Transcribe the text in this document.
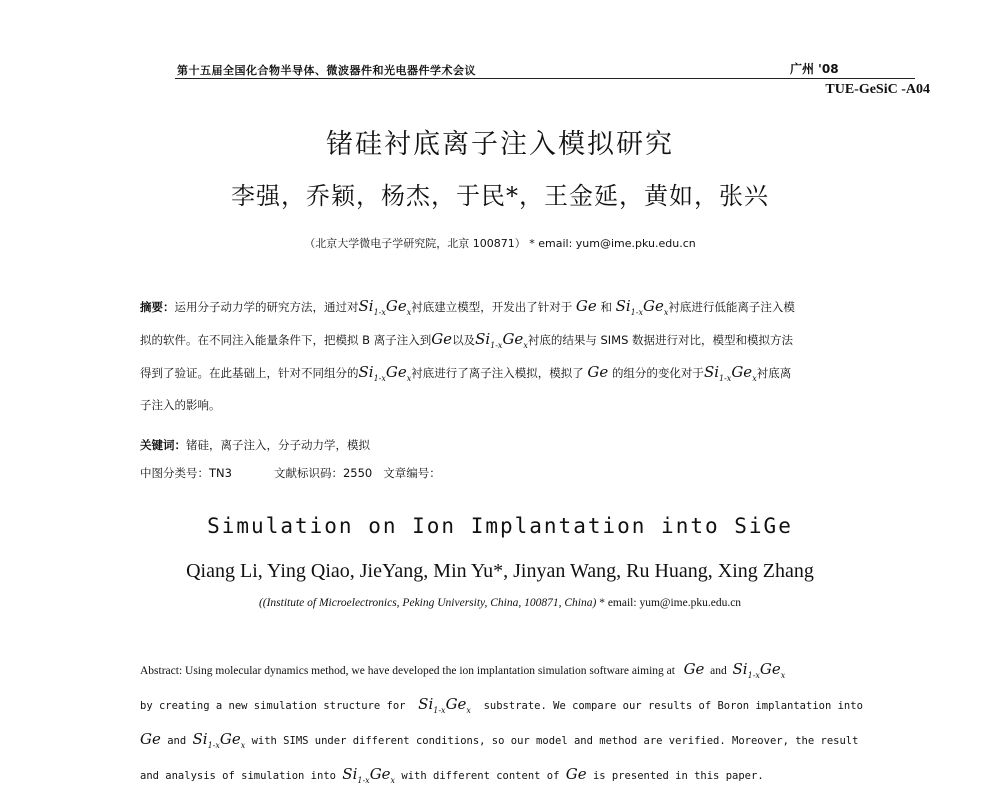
第十五届全国化合物半导体、微波器件和光电器件学术会议	广州 '08
TUE-GeSiC -A04
锗硅衬底离子注入模拟研究
李强，乔颖，杨杰，于民*，王金延，黄如，张兴
（北京大学微电子学研究院，北京 100871） * email: yum@ime.pku.edu.cn
摘要：运用分子动力学的研究方法，通过对$Si_{1-x}Ge_x$衬底建立模型，开发出了针对于 Ge 和 $Si_{1-x}Ge_x$衬底进行低能离子注入模
拟的软件。在不同注入能量条件下，把模拟 B 离子注入到Ge以及$Si_{1-x}Ge_x$衬底的结果与 SIMS 数据进行对比，模型和模拟方法
得到了验证。在此基础上，针对不同组分的$Si_{1-x}Ge_x$衬底进行了离子注入模拟，模拟了 Ge 的组分的变化对于$Si_{1-x}Ge_x$衬底离
子注入的影响。
关键词：锗硅，离子注入，分子动力学，模拟
中图分类号：TN3	文献标识码：2550 文章编号：
Simulation on Ion Implantation into SiGe
Qiang Li, Ying Qiao, JieYang, Min Yu*, Jinyan Wang, Ru Huang, Xing Zhang
((Institute of Microelectronics, Peking University, China, 100871, China) * email: yum@ime.pku.edu.cn
Abstract: Using molecular dynamics method, we have developed the ion implantation simulation software aiming at Ge and $Si_{1-x}Ge_x$
by creating a new simulation structure for $Si_{1-x}Ge_x$ substrate. We compare our results of Boron implantation into
Ge and $Si_{1-x}Ge_x$ with SIMS under different conditions, so our model and method are verified. Moreover, the result
and analysis of simulation into $Si_{1-x}Ge_x$ with different content of Ge is presented in this paper.
